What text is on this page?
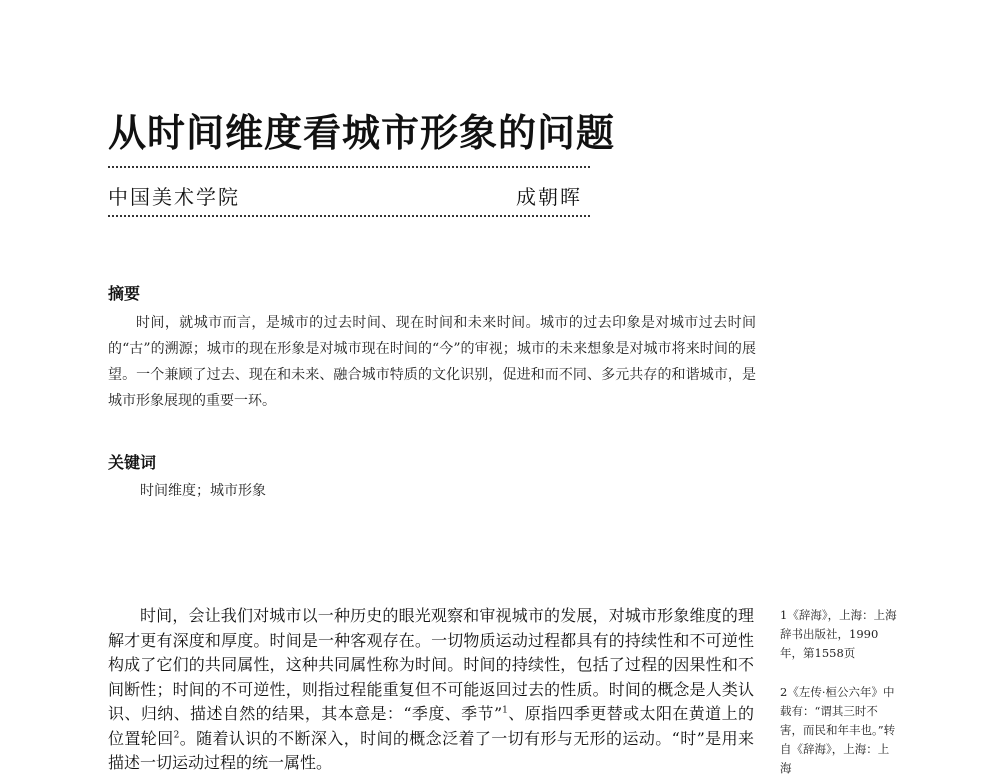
从时间维度看城市形象的问题
中国美术学院	成朝晖
摘要

时间，就城市而言，是城市的过去时间、现在时间和未来时间。城市的过去印象是对城市过去时间的“古”的溯源；城市的现在形象是对城市现在时间的“今”的审视；城市的未来想象是对城市将来时间的展望。一个兼顾了过去、现在和未来、融合城市特质的文化识别，促进和而不同、多元共存的和谐城市，是城市形象展现的重要一环。

关键词
时间维度；城市形象

时间，会让我们对城市以一种历史的眼光观察和审视城市的发展，对城市形象维度的理解才更有深度和厚度。时间是一种客观存在。一切物质运动过程都具有的持续性和不可逆性构成了它们的共同属性，这种共同属性称为时间。时间的持续性，包括了过程的因果性和不间断性；时间的不可逆性，则指过程能重复但不可能返回过去的性质。时间的概念是人类认识、归纳、描述自然的结果，其本意是：“季度、季节”$^1$、原指四季更替或太阳在黄道上的位置轮回$^2$。随着认识的不断深入，时间的概念泛着了一切有形与无形的运动。“时”是用来描述一切运动过程的统一属性。

1《辞海》，上海：上海辞书出版社，1990年，第1558页
2《左传·桓公六年》中载有：“谓其三时不害，而民和年丰也。”转自《辞海》，上海：上海
